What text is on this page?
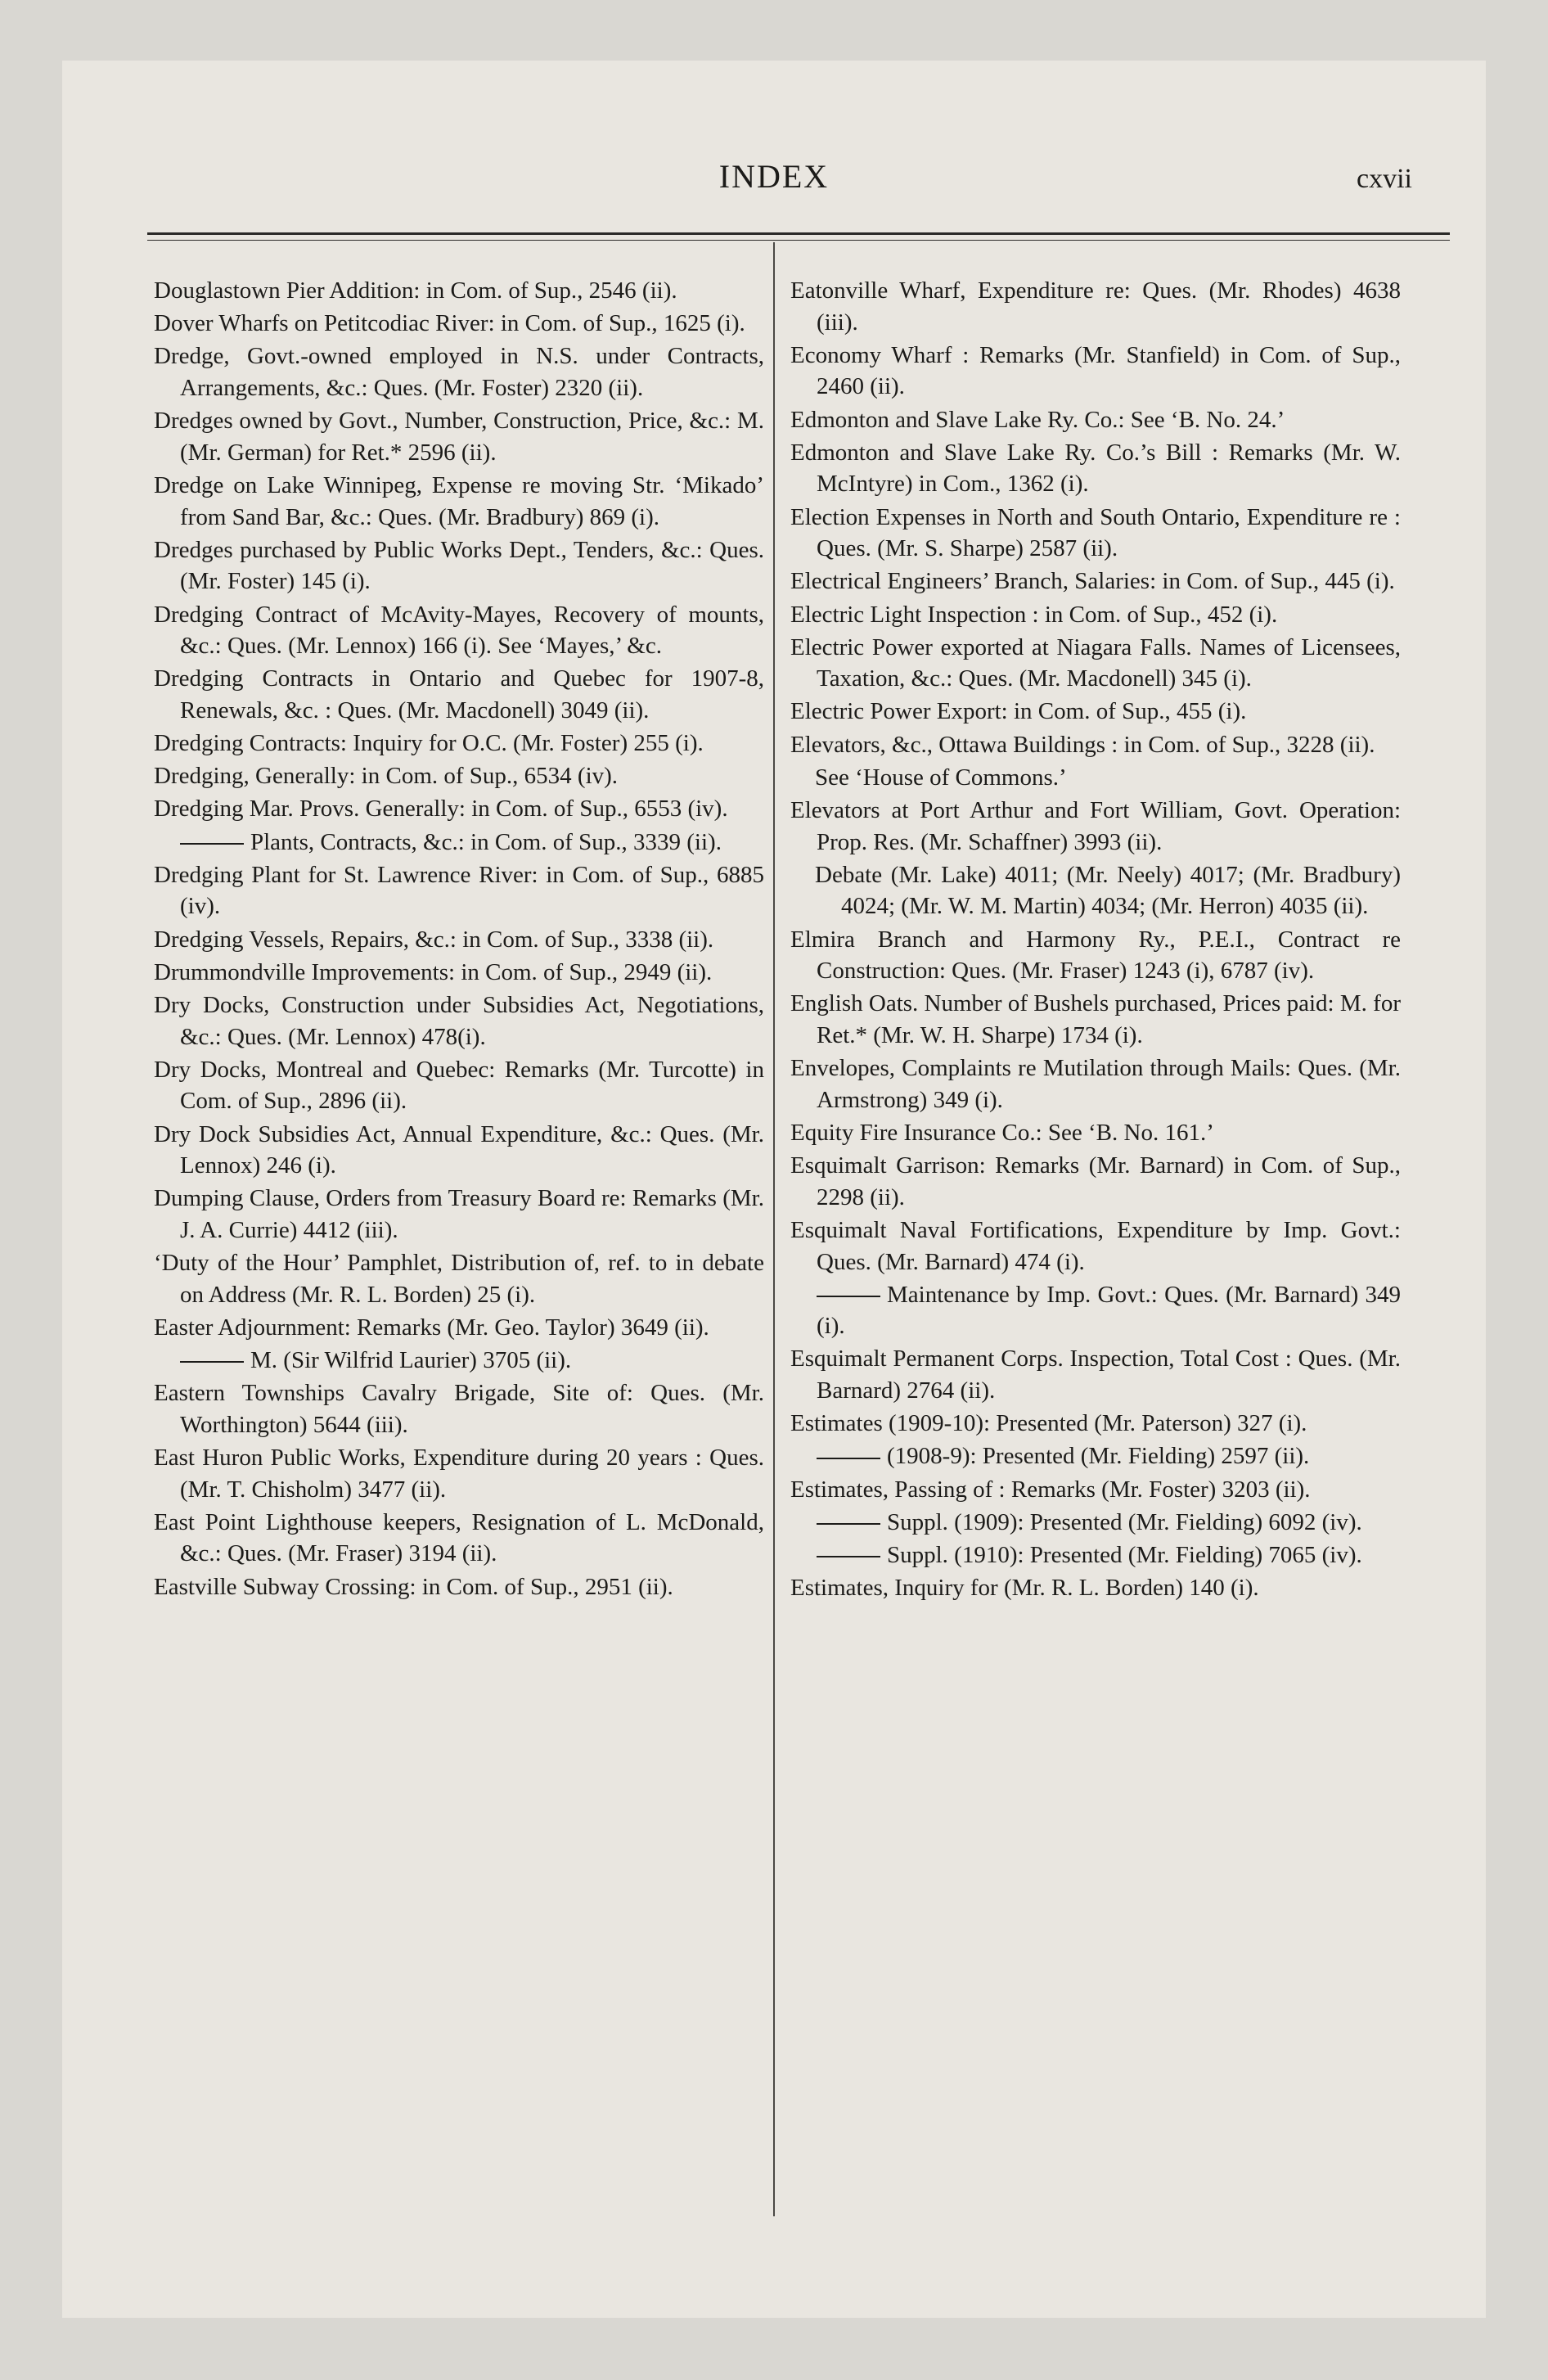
INDEX	cxvii
Douglastown Pier Addition: in Com. of Sup., 2546 (ii).
Dover Wharfs on Petitcodiac River: in Com. of Sup., 1625 (i).
Dredge, Govt.-owned employed in N.S. under Contracts, Arrangements, &c.: Ques. (Mr. Foster) 2320 (ii).
Dredges owned by Govt., Number, Construction, Price, &c.: M. (Mr. German) for Ret.* 2596 (ii).
Dredge on Lake Winnipeg, Expense re moving Str. ‘Mikado’ from Sand Bar, &c.: Ques. (Mr. Bradbury) 869 (i).
Dredges purchased by Public Works Dept., Tenders, &c.: Ques. (Mr. Foster) 145 (i).
Dredging Contract of McAvity-Mayes, Recovery of mounts, &c.: Ques. (Mr. Lennox) 166 (i). See ‘Mayes,’ &c.
Dredging Contracts in Ontario and Quebec for 1907-8, Renewals, &c. : Ques. (Mr. Macdonell) 3049 (ii).
Dredging Contracts: Inquiry for O.C. (Mr. Foster) 255 (i).
Dredging, Generally: in Com. of Sup., 6534 (iv).
Dredging Mar. Provs. Generally: in Com. of Sup., 6553 (iv).
Plants, Contracts, &c.: in Com. of Sup., 3339 (ii).
Dredging Plant for St. Lawrence River: in Com. of Sup., 6885 (iv).
Dredging Vessels, Repairs, &c.: in Com. of Sup., 3338 (ii).
Drummondville Improvements: in Com. of Sup., 2949 (ii).
Dry Docks, Construction under Subsidies Act, Negotiations, &c.: Ques. (Mr. Lennox) 478(i).
Dry Docks, Montreal and Quebec: Remarks (Mr. Turcotte) in Com. of Sup., 2896 (ii).
Dry Dock Subsidies Act, Annual Expenditure, &c.: Ques. (Mr. Lennox) 246 (i).
Dumping Clause, Orders from Treasury Board re: Remarks (Mr. J. A. Currie) 4412 (iii).
‘Duty of the Hour’ Pamphlet, Distribution of, ref. to in debate on Address (Mr. R. L. Borden) 25 (i).
Easter Adjournment: Remarks (Mr. Geo. Taylor) 3649 (ii).
M. (Sir Wilfrid Laurier) 3705 (ii).
Eastern Townships Cavalry Brigade, Site of: Ques. (Mr. Worthington) 5644 (iii).
East Huron Public Works, Expenditure during 20 years : Ques. (Mr. T. Chisholm) 3477 (ii).
East Point Lighthouse keepers, Resignation of L. McDonald, &c.: Ques. (Mr. Fraser) 3194 (ii).
Eastville Subway Crossing: in Com. of Sup., 2951 (ii).
Eatonville Wharf, Expenditure re: Ques. (Mr. Rhodes) 4638 (iii).
Economy Wharf : Remarks (Mr. Stanfield) in Com. of Sup., 2460 (ii).
Edmonton and Slave Lake Ry. Co.: See ‘B. No. 24.’
Edmonton and Slave Lake Ry. Co.’s Bill : Remarks (Mr. W. McIntyre) in Com., 1362 (i).
Election Expenses in North and South Ontario, Expenditure re : Ques. (Mr. S. Sharpe) 2587 (ii).
Electrical Engineers’ Branch, Salaries: in Com. of Sup., 445 (i).
Electric Light Inspection : in Com. of Sup., 452 (i).
Electric Power exported at Niagara Falls. Names of Licensees, Taxation, &c.: Ques. (Mr. Macdonell) 345 (i).
Electric Power Export: in Com. of Sup., 455 (i).
Elevators, &c., Ottawa Buildings : in Com. of Sup., 3228 (ii).
See ‘House of Commons.’
Elevators at Port Arthur and Fort William, Govt. Operation: Prop. Res. (Mr. Schaffner) 3993 (ii).
Debate (Mr. Lake) 4011; (Mr. Neely) 4017; (Mr. Bradbury) 4024; (Mr. W. M. Martin) 4034; (Mr. Herron) 4035 (ii).
Elmira Branch and Harmony Ry., P.E.I., Contract re Construction: Ques. (Mr. Fraser) 1243 (i), 6787 (iv).
English Oats. Number of Bushels purchased, Prices paid: M. for Ret.* (Mr. W. H. Sharpe) 1734 (i).
Envelopes, Complaints re Mutilation through Mails: Ques. (Mr. Armstrong) 349 (i).
Equity Fire Insurance Co.: See ‘B. No. 161.’
Esquimalt Garrison: Remarks (Mr. Barnard) in Com. of Sup., 2298 (ii).
Esquimalt Naval Fortifications, Expenditure by Imp. Govt.: Ques. (Mr. Barnard) 474 (i).
Maintenance by Imp. Govt.: Ques. (Mr. Barnard) 349 (i).
Esquimalt Permanent Corps. Inspection, Total Cost : Ques. (Mr. Barnard) 2764 (ii).
Estimates (1909-10): Presented (Mr. Paterson) 327 (i).
(1908-9): Presented (Mr. Fielding) 2597 (ii).
Estimates, Passing of : Remarks (Mr. Foster) 3203 (ii).
Suppl. (1909): Presented (Mr. Fielding) 6092 (iv).
Suppl. (1910): Presented (Mr. Fielding) 7065 (iv).
Estimates, Inquiry for (Mr. R. L. Borden) 140 (i).
